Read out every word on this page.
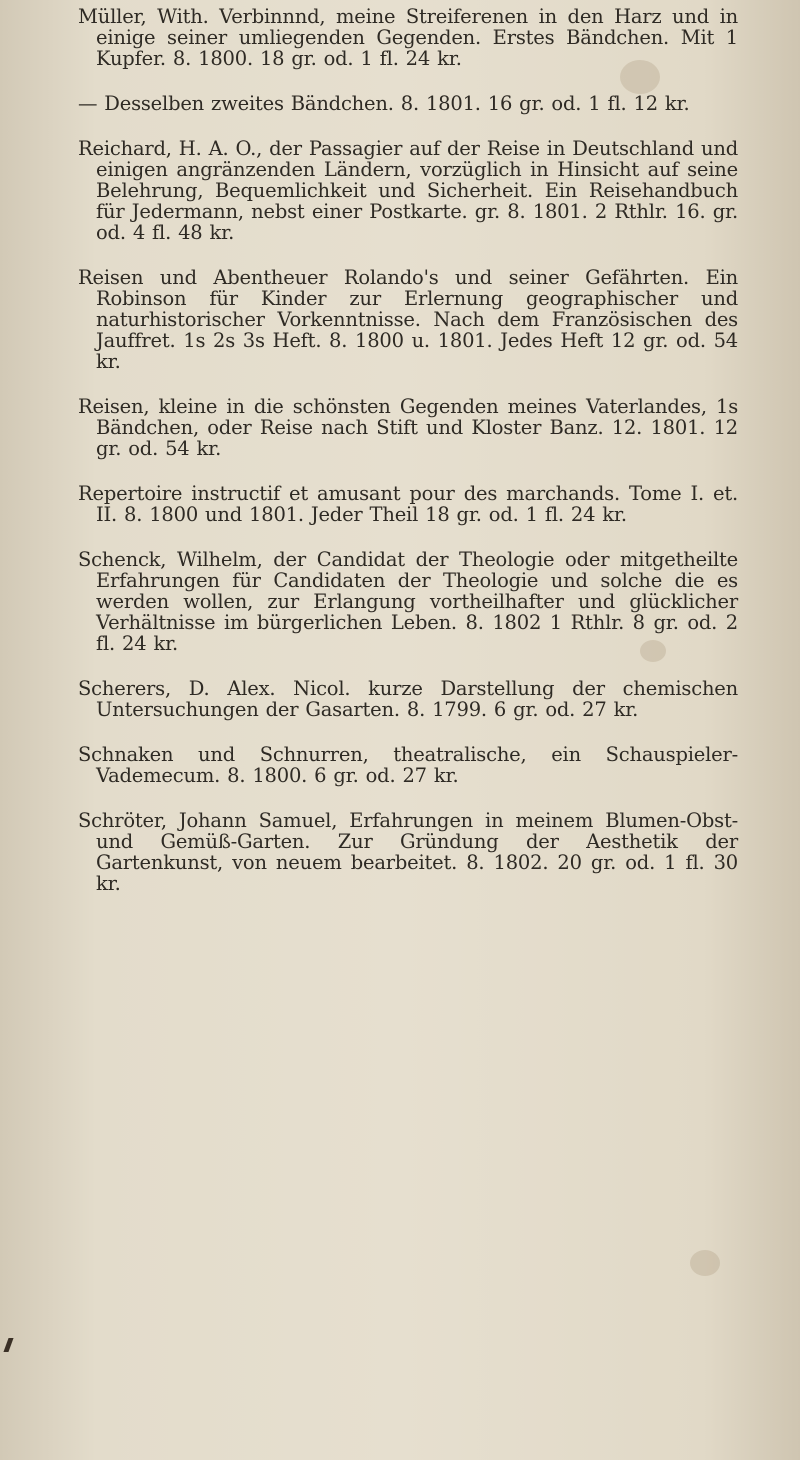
Müller, With. Verbinnnd, meine Streiferenen in den Harz und in einige seiner umliegenden Gegenden. Erstes Bändchen. Mit 1 Kupfer. 8. 1800. 18 gr. od. 1 fl. 24 kr.

— Desselben zweites Bändchen. 8. 1801. 16 gr. od. 1 fl. 12 kr.

Reichard, H. A. O., der Passagier auf der Reise in Deutschland und einigen angränzenden Ländern, vorzüglich in Hinsicht auf seine Belehrung, Bequemlichkeit und Sicherheit. Ein Reisehandbuch für Jedermann, nebst einer Postkarte. gr. 8. 1801. 2 Rthlr. 16. gr. od. 4 fl. 48 kr.

Reisen und Abentheuer Rolando's und seiner Gefährten. Ein Robinson für Kinder zur Erlernung geographischer und naturhistorischer Vorkenntnisse. Nach dem Französischen des Jauffret. 1s 2s 3s Heft. 8. 1800 u. 1801. Jedes Heft 12 gr. od. 54 kr.

Reisen, kleine in die schönsten Gegenden meines Vaterlandes, 1s Bändchen, oder Reise nach Stift und Kloster Banz. 12. 1801. 12 gr. od. 54 kr.

Repertoire instructif et amusant pour des marchands. Tome I. et. II. 8. 1800 und 1801. Jeder Theil 18 gr. od. 1 fl. 24 kr.

Schenck, Wilhelm, der Candidat der Theologie oder mitgetheilte Erfahrungen für Candidaten der Theologie und solche die es werden wollen, zur Erlangung vortheilhafter und glücklicher Verhältnisse im bürgerlichen Leben. 8. 1802 1 Rthlr. 8 gr. od. 2 fl. 24 kr.

Scherers, D. Alex. Nicol. kurze Darstellung der chemischen Untersuchungen der Gasarten. 8. 1799. 6 gr. od. 27 kr.

Schnaken und Schnurren, theatralische, ein Schauspieler-Vademecum. 8. 1800. 6 gr. od. 27 kr.

Schröter, Johann Samuel, Erfahrungen in meinem Blumen-Obst- und Gemüß-Garten. Zur Gründung der Aesthetik der Gartenkunst, von neuem bearbeitet. 8. 1802. 20 gr. od. 1 fl. 30 kr.
